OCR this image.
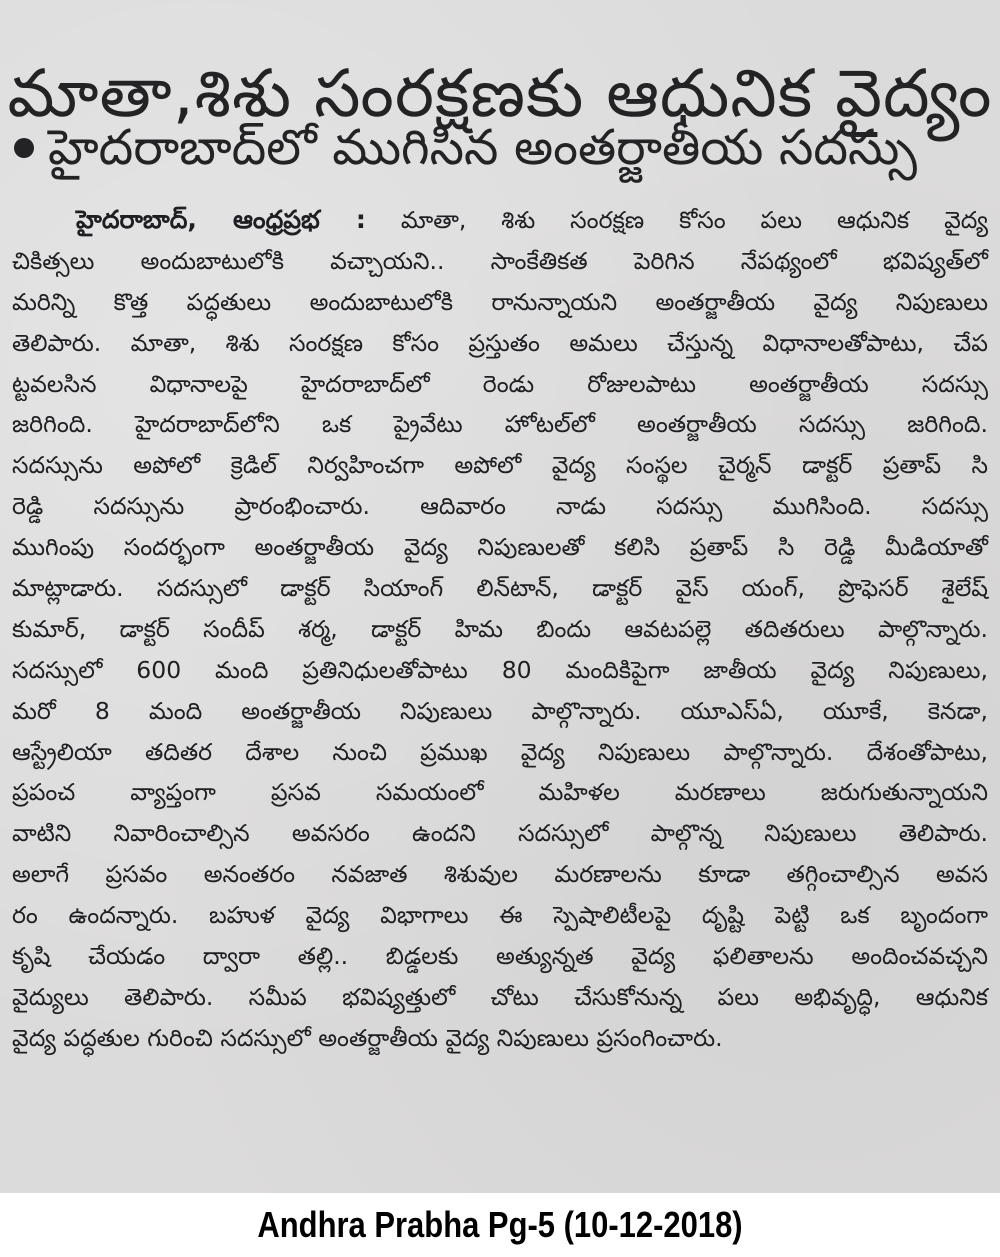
మాతా,శిశు సంరక్షణకు ఆధునిక వైద్యం
హైదరాబాద్‌లో ముగిసిన అంతర్జాతీయ సదస్సు
హైదరాబాద్, ఆంధ్రప్రభ : మాతా, శిశు సంరక్షణ కోసం పలు ఆధునిక వైద్య
చికిత్సలు అందుబాటులోకి వచ్చాయని.. సాంకేతికత పెరిగిన నేపథ్యంలో భవిష్యత్‌లో
మరిన్ని కొత్త పద్ధతులు అందుబాటులోకి రానున్నాయని అంతర్జాతీయ వైద్య నిపుణులు
తెలిపారు. మాతా, శిశు సంరక్షణ కోసం ప్రస్తుతం అమలు చేస్తున్న విధానాలతోపాటు, చేప
ట్టవలసిన విధానాలపై హైదరాబాద్‌లో రెండు రోజులపాటు అంతర్జాతీయ సదస్సు
జరిగింది. హైదరాబాద్‌లోని ఒక ప్రైవేటు హోటల్‌లో అంతర్జాతీయ సదస్సు జరిగింది.
సదస్సును అపోలో క్రెడిల్ నిర్వహించగా అపోలో వైద్య సంస్థల చైర్మన్ డాక్టర్ ప్రతాప్ సి
రెడ్డి సదస్సును ప్రారంభించారు. ఆదివారం నాడు సదస్సు ముగిసింది. సదస్సు
ముగింపు సందర్భంగా అంతర్జాతీయ వైద్య నిపుణులతో కలిసి ప్రతాప్ సి రెడ్డి మీడియాతో
మాట్లాడారు. సదస్సులో డాక్టర్ సియాంగ్ లిన్‌టాన్, డాక్టర్ వైస్ యంగ్, ప్రొఫెసర్ శైలేష్
కుమార్, డాక్టర్ సందీప్ శర్మ, డాక్టర్ హిమ బిందు ఆవటపల్లె తదితరులు పాల్గొన్నారు.
సదస్సులో 600 మంది ప్రతినిధులతోపాటు 80 మందికిపైగా జాతీయ వైద్య నిపుణులు,
మరో 8 మంది అంతర్జాతీయ నిపుణులు పాల్గొన్నారు. యూఎస్ఏ, యూకే, కెనడా,
ఆస్ట్రేలియా తదితర దేశాల నుంచి ప్రముఖ వైద్య నిపుణులు పాల్గొన్నారు. దేశంతోపాటు,
ప్రపంచ వ్యాప్తంగా ప్రసవ సమయంలో మహిళల మరణాలు జరుగుతున్నాయని
వాటిని నివారించాల్సిన అవసరం ఉందని సదస్సులో పాల్గొన్న నిపుణులు తెలిపారు.
అలాగే ప్రసవం అనంతరం నవజాత శిశువుల మరణాలను కూడా తగ్గించాల్సిన అవస
రం ఉందన్నారు. బహుళ వైద్య విభాగాలు ఈ స్పెషాలిటీలపై దృష్టి పెట్టి ఒక బృందంగా
కృషి చేయడం ద్వారా తల్లి.. బిడ్డలకు అత్యున్నత వైద్య ఫలితాలను అందించవచ్చని
వైద్యులు తెలిపారు. సమీప భవిష్యత్తులో చోటు చేసుకోనున్న పలు అభివృద్ధి, ఆధునిక
వైద్య పద్ధతుల గురించి సదస్సులో అంతర్జాతీయ వైద్య నిపుణులు ప్రసంగించారు.
Andhra Prabha Pg-5 (10-12-2018)
